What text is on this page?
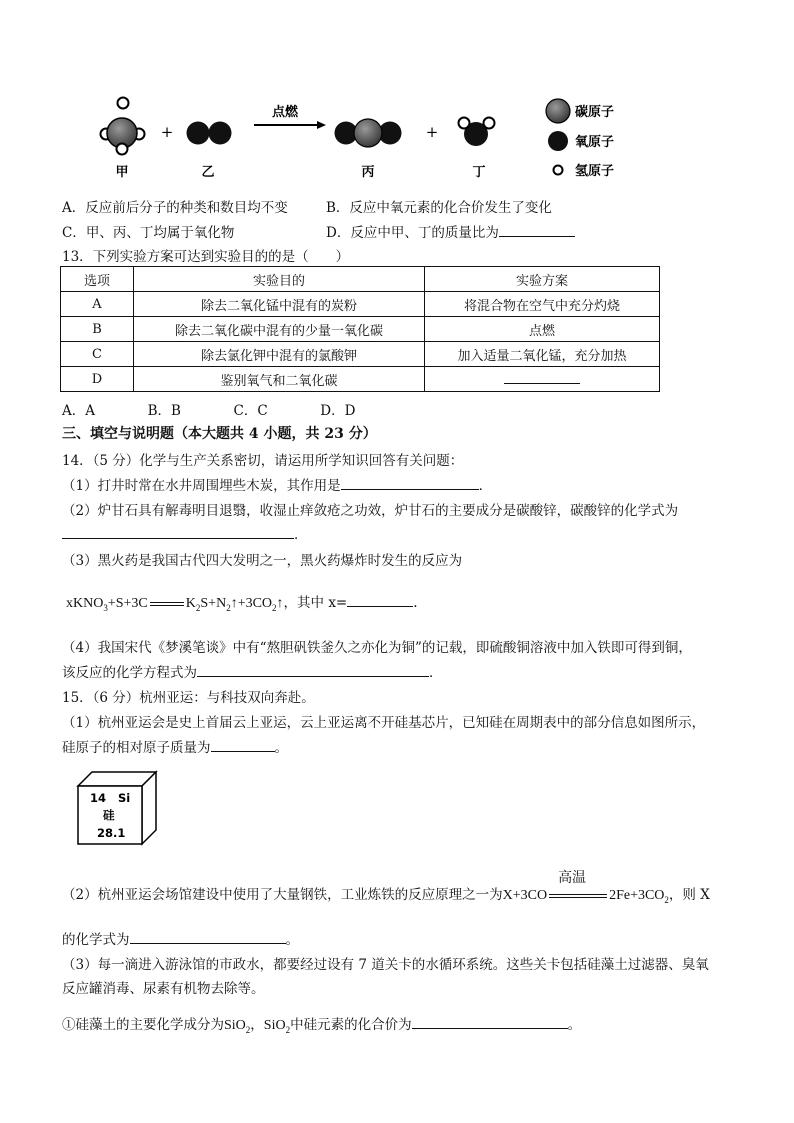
+
点燃
+
甲	乙	丙	丁
碳原子
氧原子
氢原子
A．反应前后分子的种类和数目均不变	B．反应中氧元素的化合价发生了变化
C．甲、丙、丁均属于氧化物	D．反应中甲、丁的质量比为
13．下列实验方案可达到实验目的的是（　　）
选项	实验目的	实验方案
A	除去二氧化锰中混有的炭粉	将混合物在空气中充分灼烧
B	除去二氧化碳中混有的少量一氧化碳	点燃
C	除去氯化钾中混有的氯酸钾	加入适量二氧化锰，充分加热
D	鉴别氧气和二氧化碳	
A．A	B．B	C．C	D．D
三、填空与说明题（本大题共 4 小题，共 23 分）
14．（5 分）化学与生产关系密切，请运用所学知识回答有关问题：
（1）打井时常在水井周围埋些木炭，其作用是	．
（2）炉甘石具有解毒明目退翳，收湿止痒敛疮之功效，炉甘石的主要成分是碳酸锌，碳酸锌的化学式为
．
（3）黑火药是我国古代四大发明之一，黑火药爆炸时发生的反应为
xKNO$_3$+S+3C	$K_2S+N_2↑+3CO_2↑$，其中 x=	．
（4）我国宋代《梦溪笔谈》中有“熬胆矾铁釜久之亦化为铜”的记载，即硫酸铜溶液中加入铁即可得到铜，
该反应的化学方程式为	．
15．（6 分）杭州亚运：与科技双向奔赴。
（1）杭州亚运会是史上首届云上亚运，云上亚运离不开硅基芯片，已知硅在周期表中的部分信息如图所示，
硅原子的相对原子质量为	。
14 Si
硅
28.1
（2）杭州亚运会场馆建设中使用了大量钢铁，工业炼铁的反应原理之一为X+3CO
高温
$2Fe+3CO_2$，则 X
的化学式为	。
（3）每一滴进入游泳馆的市政水，都要经过设有 7 道关卡的水循环系统。这些关卡包括硅藻土过滤器、臭氧
反应罐消毒、尿素有机物去除等。
①硅藻土的主要化学成分为SiO$_2$，SiO$_2$中硅元素的化合价为	。
